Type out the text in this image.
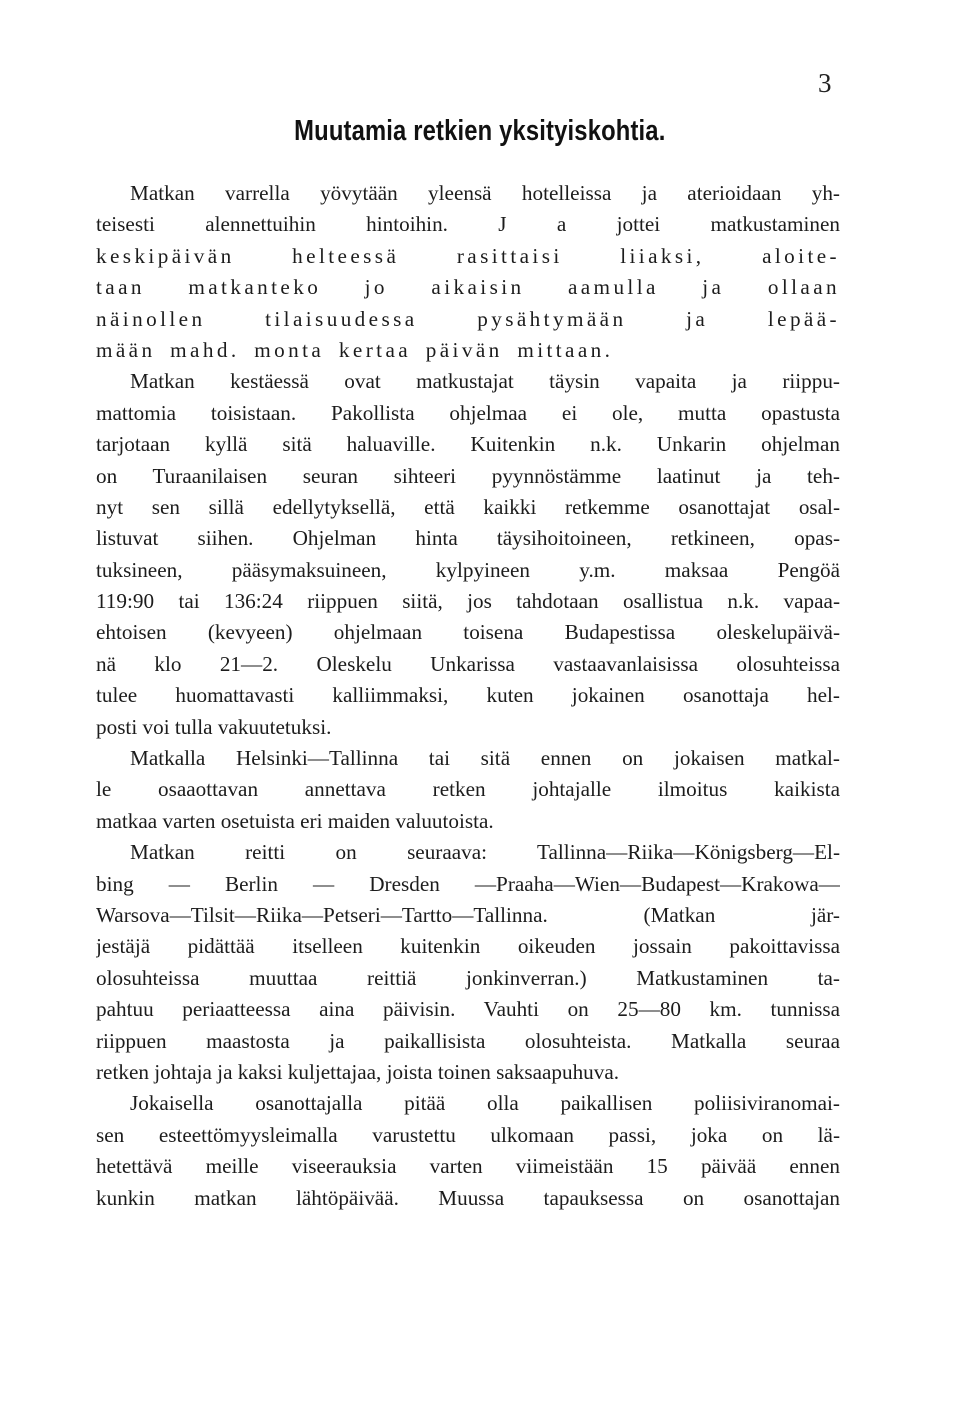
3
Muutamia retkien yksityiskohtia.
Matkan varrella yövytään yleensä hotelleissa ja aterioidaan yh-
teisesti alennettuihin hintoihin. J a jottei matkustaminen
keskipäivän helteessä rasittaisi liiaksi, aloite-
taan matkanteko jo aikaisin aamulla ja ollaan
näinollen tilaisuudessa pysähtymään ja lepää-
mään mahd. monta kertaa päivän mittaan.
Matkan kestäessä ovat matkustajat täysin vapaita ja riippu-
mattomia toisistaan. Pakollista ohjelmaa ei ole, mutta opastusta
tarjotaan kyllä sitä haluaville. Kuitenkin n.k. Unkarin ohjelman
on Turaanilaisen seuran sihteeri pyynnöstämme laatinut ja teh-
nyt sen sillä edellytyksellä, että kaikki retkemme osanottajat osal-
listuvat siihen. Ohjelman hinta täysihoitoineen, retkineen, opas-
tuksineen, pääsymaksuineen, kylpyineen y.m. maksaa Pengöä
119:90 tai 136:24 riippuen siitä, jos tahdotaan osallistua n.k. vapaa-
ehtoisen (kevyeen) ohjelmaan toisena Budapestissa oleskelupäivä-
nä klo 21—2. Oleskelu Unkarissa vastaavanlaisissa olosuhteissa
tulee huomattavasti kalliimmaksi, kuten jokainen osanottaja hel-
posti voi tulla vakuutetuksi.
Matkalla Helsinki—Tallinna tai sitä ennen on jokaisen matkal-
le osaaottavan annettava retken johtajalle ilmoitus kaikista
matkaa varten osetuista eri maiden valuutoista.
Matkan reitti on seuraava: Tallinna—Riika—Königsberg—El-
bing — Berlin — Dresden —Praaha—Wien—Budapest—Krakowa—
Warsova—Tilsit—Riika—Petseri—Tartto—Tallinna. (Matkan jär-
jestäjä pidättää itselleen kuitenkin oikeuden jossain pakoittavissa
olosuhteissa muuttaa reittiä jonkinverran.) Matkustaminen ta-
pahtuu periaatteessa aina päivisin. Vauhti on 25—80 km. tunnissa
riippuen maastosta ja paikallisista olosuhteista. Matkalla seuraa
retken johtaja ja kaksi kuljettajaa, joista toinen saksaapuhuva.
Jokaisella osanottajalla pitää olla paikallisen poliisiviranomai-
sen esteettömyysleimalla varustettu ulkomaan passi, joka on lä-
hetettävä meille viseerauksia varten viimeistään 15 päivää ennen
kunkin matkan lähtöpäivää. Muussa tapauksessa on osanottajan
